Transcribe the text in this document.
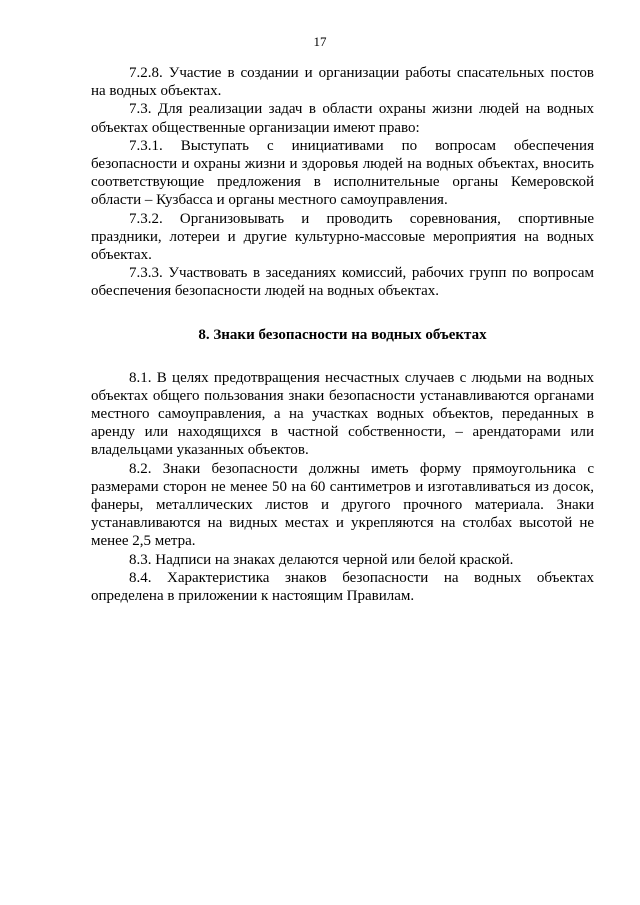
17

7.2.8. Участие в создании и организации работы спасательных постов на водных объектах.

7.3. Для реализации задач в области охраны жизни людей на водных объектах общественные организации имеют право:

7.3.1. Выступать с инициативами по вопросам обеспечения безопасности и охраны жизни и здоровья людей на водных объектах, вносить соответствующие предложения в исполнительные органы Кемеровской области – Кузбасса и органы местного самоуправления.

7.3.2. Организовывать и проводить соревнования, спортивные праздники, лотереи и другие культурно-массовые мероприятия на водных объектах.

7.3.3. Участвовать в заседаниях комиссий, рабочих групп по вопросам обеспечения безопасности людей на водных объектах.

8. Знаки безопасности на водных объектах

8.1. В целях предотвращения несчастных случаев с людьми на водных объектах общего пользования знаки безопасности устанавливаются органами местного самоуправления, а на участках водных объектов, переданных в аренду или находящихся в частной собственности, – арендаторами или владельцами указанных объектов.

8.2. Знаки безопасности должны иметь форму прямоугольника с размерами сторон не менее 50 на 60 сантиметров и изготавливаться из досок, фанеры, металлических листов и другого прочного материала. Знаки устанавливаются на видных местах и укрепляются на столбах высотой не менее 2,5 метра.

8.3. Надписи на знаках делаются черной или белой краской.

8.4. Характеристика знаков безопасности на водных объектах определена в приложении к настоящим Правилам.
